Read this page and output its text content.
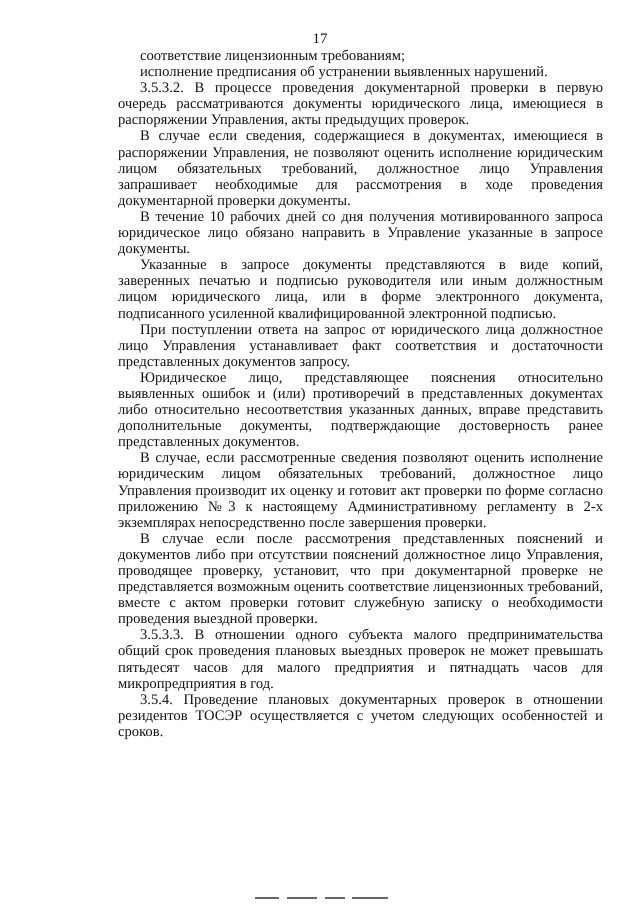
17

соответствие лицензионным требованиям;

исполнение предписания об устранении выявленных нарушений.

3.5.3.2. В процессе проведения документарной проверки в первую очередь рассматриваются документы юридического лица, имеющиеся в распоряжении Управления, акты предыдущих проверок.

В случае если сведения, содержащиеся в документах, имеющиеся в распоряжении Управления, не позволяют оценить исполнение юридическим лицом обязательных требований, должностное лицо Управления запрашивает необходимые для рассмотрения в ходе проведения документарной проверки документы.

В течение 10 рабочих дней со дня получения мотивированного запроса юридическое лицо обязано направить в Управление указанные в запросе документы.

Указанные в запросе документы представляются в виде копий, заверенных печатью и подписью руководителя или иным должностным лицом юридического лица, или в форме электронного документа, подписанного усиленной квалифицированной электронной подписью.

При поступлении ответа на запрос от юридического лица должностное лицо Управления устанавливает факт соответствия и достаточности представленных документов запросу.

Юридическое лицо, представляющее пояснения относительно выявленных ошибок и (или) противоречий в представленных документах либо относительно несоответствия указанных данных, вправе представить дополнительные документы, подтверждающие достоверность ранее представленных документов.

В случае, если рассмотренные сведения позволяют оценить исполнение юридическим лицом обязательных требований, должностное лицо Управления производит их оценку и готовит акт проверки по форме согласно приложению №3 к настоящему Административному регламенту в 2-х экземплярах непосредственно после завершения проверки.

В случае если после рассмотрения представленных пояснений и документов либо при отсутствии пояснений должностное лицо Управления, проводящее проверку, установит, что при документарной проверке не представляется возможным оценить соответствие лицензионных требований, вместе с актом проверки готовит служебную записку о необходимости проведения выездной проверки.

3.5.3.3. В отношении одного субъекта малого предпринимательства общий срок проведения плановых выездных проверок не может превышать пятьдесят часов для малого предприятия и пятнадцать часов для микропредприятия в год.

3.5.4. Проведение плановых документарных проверок в отношении резидентов ТОСЭР осуществляется с учетом следующих особенностей и сроков.
